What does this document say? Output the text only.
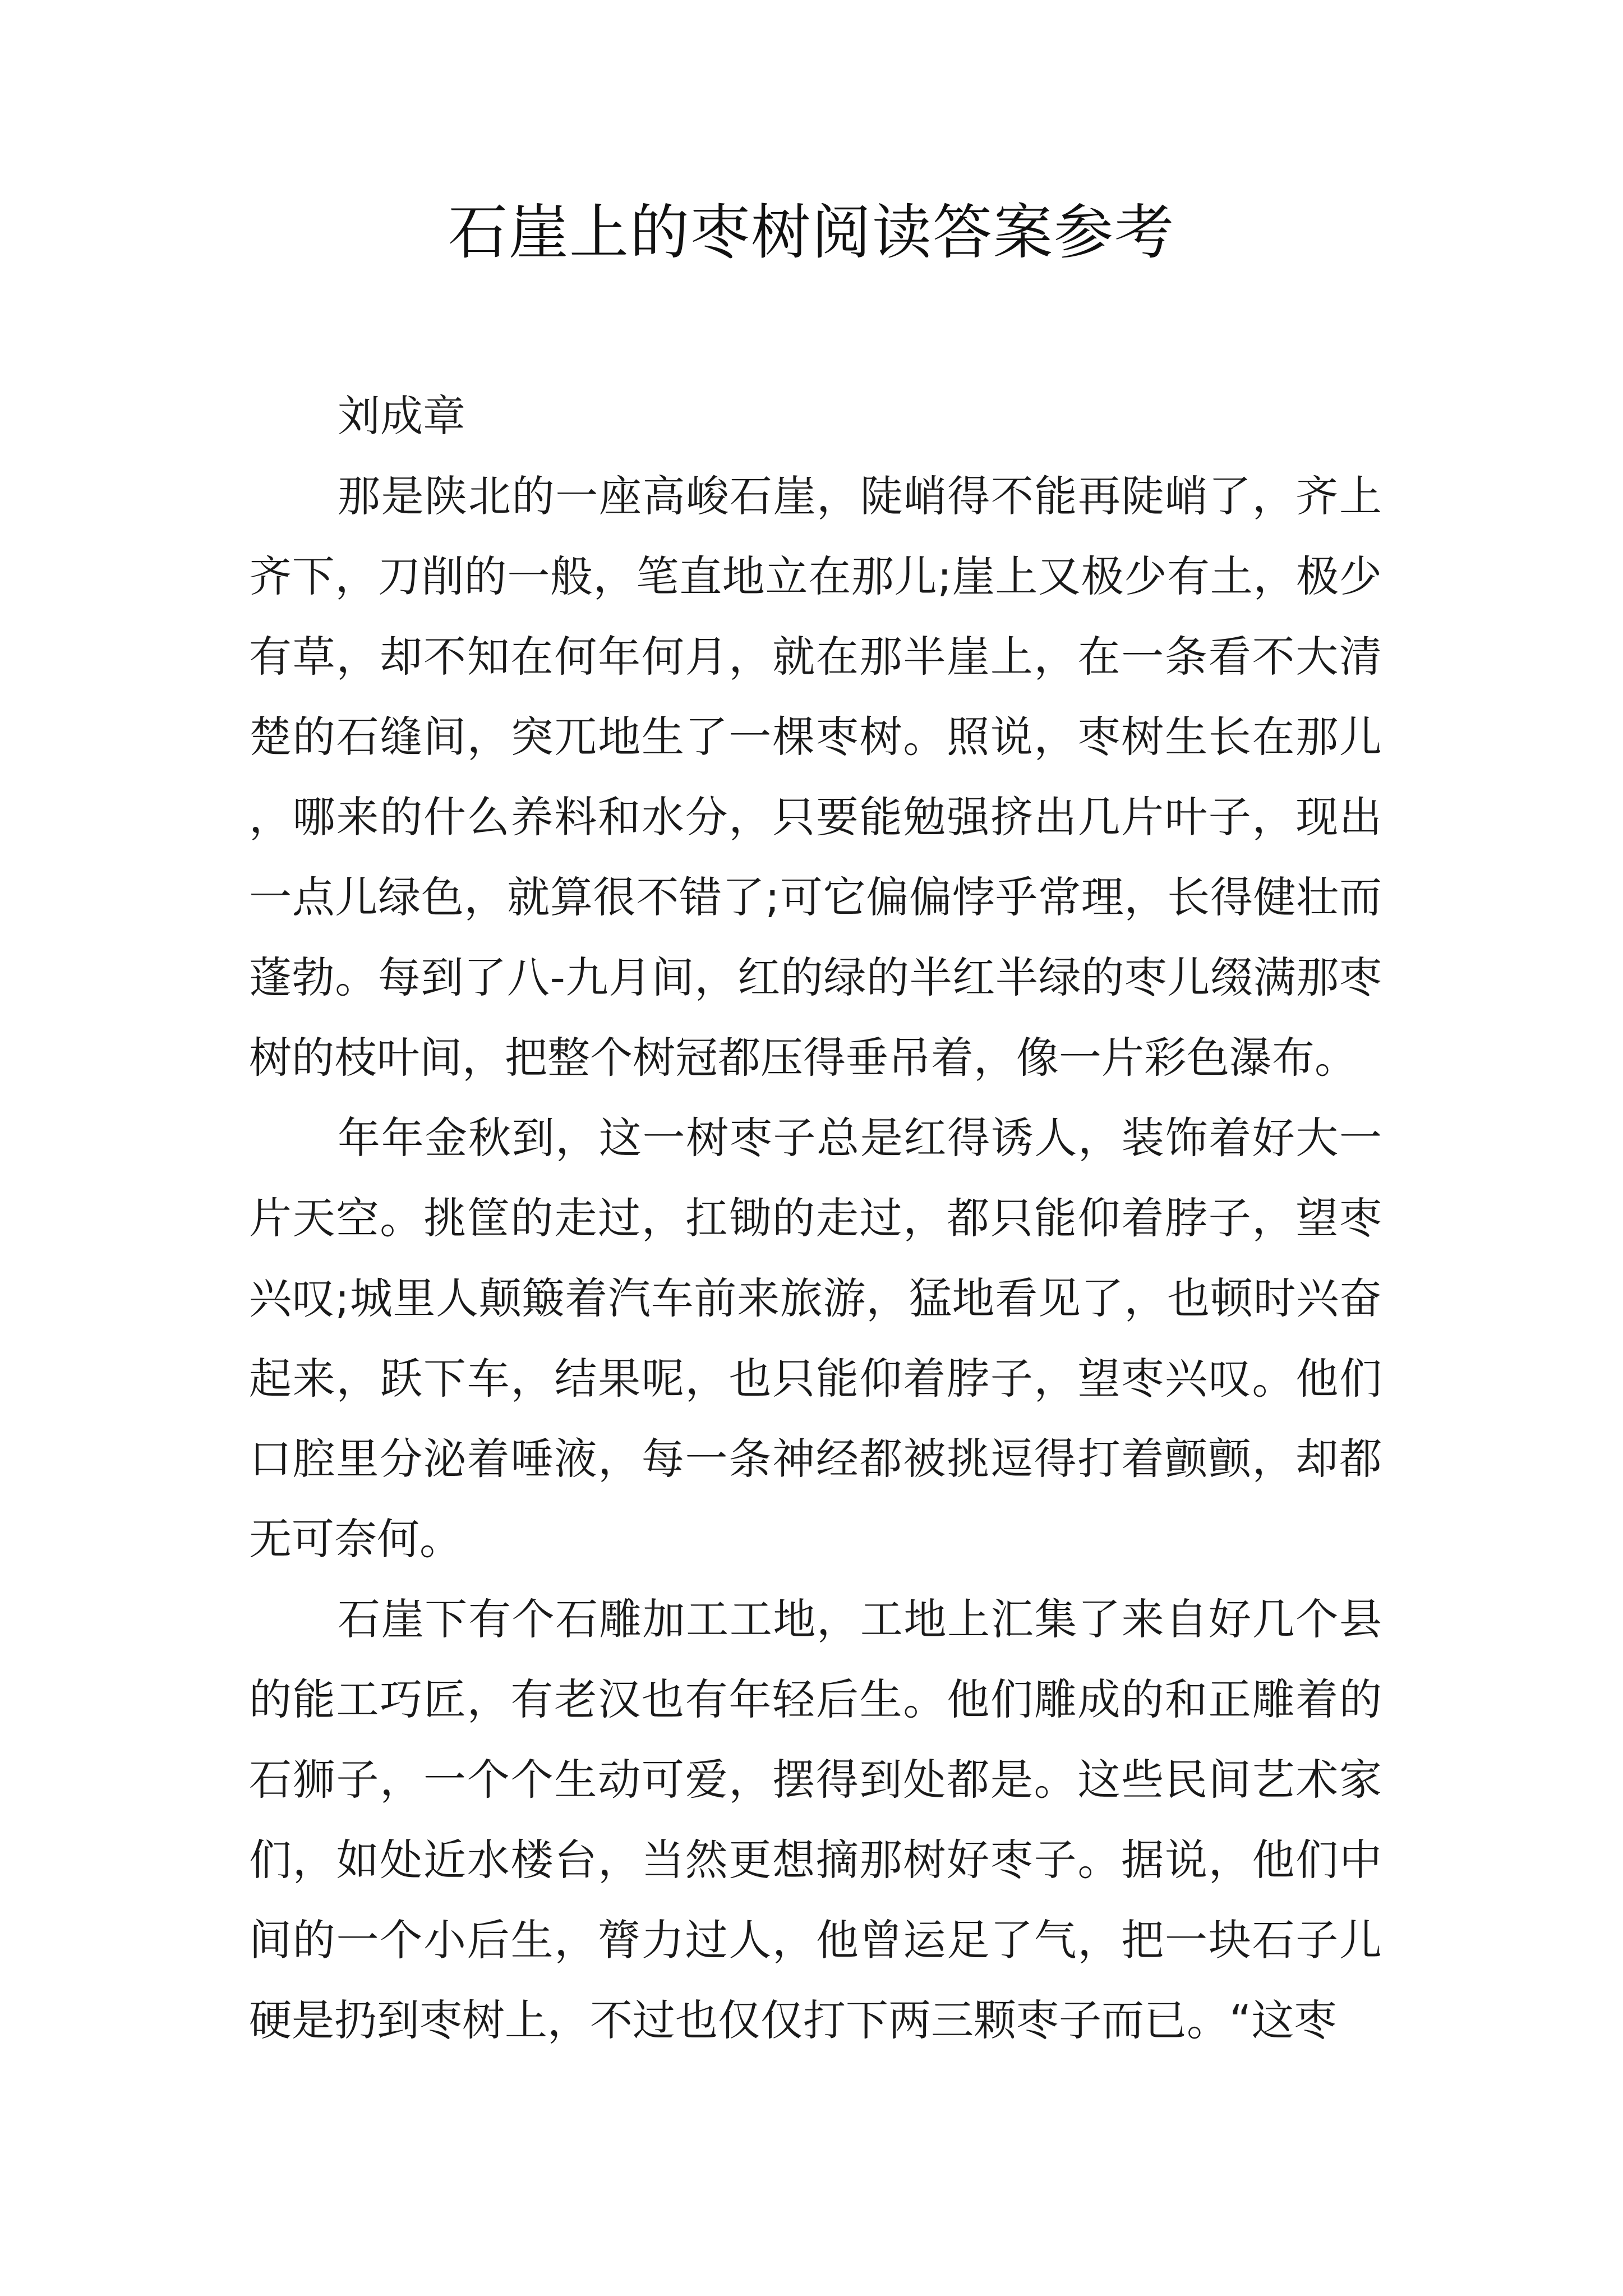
石崖上的枣树阅读答案参考

刘成章

那是陕北的一座高峻石崖，陡峭得不能再陡峭了，齐上齐下，刀削的一般，笔直地立在那儿;崖上又极少有土，极少有草，却不知在何年何月，就在那半崖上，在一条看不大清楚的石缝间，突兀地生了一棵枣树。照说，枣树生长在那儿，哪来的什么养料和水分，只要能勉强挤出几片叶子，现出一点儿绿色，就算很不错了;可它偏偏悖乎常理，长得健壮而蓬勃。每到了八-九月间，红的绿的半红半绿的枣儿缀满那枣树的枝叶间，把整个树冠都压得垂吊着，像一片彩色瀑布。

年年金秋到，这一树枣子总是红得诱人，装饰着好大一片天空。挑筐的走过，扛锄的走过，都只能仰着脖子，望枣兴叹;城里人颠簸着汽车前来旅游，猛地看见了，也顿时兴奋起来，跃下车，结果呢，也只能仰着脖子，望枣兴叹。他们口腔里分泌着唾液，每一条神经都被挑逗得打着颤颤，却都无可奈何。

石崖下有个石雕加工工地，工地上汇集了来自好几个县的能工巧匠，有老汉也有年轻后生。他们雕成的和正雕着的石狮子，一个个生动可爱，摆得到处都是。这些民间艺术家们，如处近水楼台，当然更想摘那树好枣子。据说，他们中间的一个小后生，膂力过人，他曾运足了气，把一块石子儿硬是扔到枣树上，不过也仅仅打下两三颗枣子而已。“这枣
